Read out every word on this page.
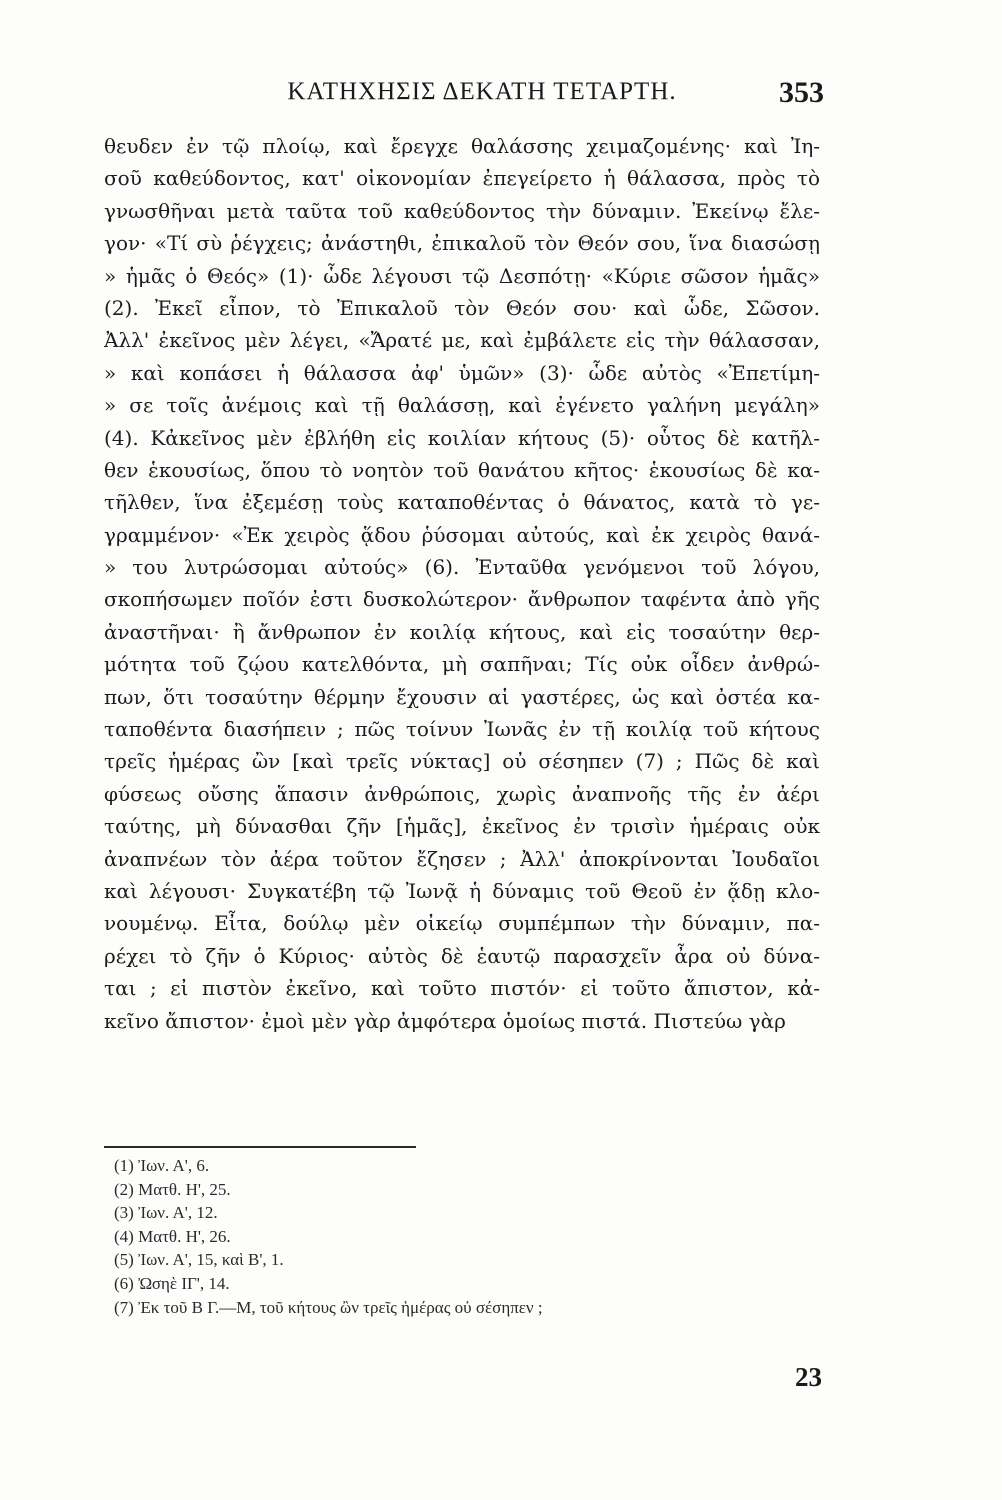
ΚΑΤΗΧΗΣΙΣ ΔΕΚΑΤΗ ΤΕΤΑΡΤΗ.	353
θευδεν ἐν τῷ πλοίῳ, καὶ ἔρεγχε θαλάσσης χειμαζομένης· καὶ Ἰη-
σοῦ καθεύδοντος, κατ' οἰκονομίαν ἐπεγείρετο ἡ θάλασσα, πρὸς τὸ
γνωσθῆναι μετὰ ταῦτα τοῦ καθεύδοντος τὴν δύναμιν. Ἐκείνῳ ἔλε-
γον· «Τί σὺ ῥέγχεις; ἀνάστηθι, ἐπικαλοῦ τὸν Θεόν σου, ἵνα διασώσῃ
» ἡμᾶς ὁ Θεός» (1)· ὧδε λέγουσι τῷ Δεσπότῃ· «Κύριε σῶσον ἡμᾶς»
(2). Ἐκεῖ εἶπον, τὸ Ἐπικαλοῦ τὸν Θεόν σου· καὶ ὧδε, Σῶσον.
Ἀλλ' ἐκεῖνος μὲν λέγει, «Ἄρατέ με, καὶ ἐμβάλετε εἰς τὴν θάλασσαν,
» καὶ κοπάσει ἡ θάλασσα ἀφ' ὑμῶν» (3)· ὧδε αὐτὸς «Ἐπετίμη-
» σε τοῖς ἀνέμοις καὶ τῇ θαλάσσῃ, καὶ ἐγένετο γαλήνη μεγάλη»
(4). Κἀκεῖνος μὲν ἐβλήθη εἰς κοιλίαν κήτους (5)· οὗτος δὲ κατῆλ-
θεν ἑκουσίως, ὅπου τὸ νοητὸν τοῦ θανάτου κῆτος· ἑκουσίως δὲ κα-
τῆλθεν, ἵνα ἐξεμέσῃ τοὺς καταποθέντας ὁ θάνατος, κατὰ τὸ γε-
γραμμένον· «Ἐκ χειρὸς ᾅδου ῥύσομαι αὐτούς, καὶ ἐκ χειρὸς θανά-
» του λυτρώσομαι αὐτούς» (6). Ἐνταῦθα γενόμενοι τοῦ λόγου,
σκοπήσωμεν ποῖόν ἐστι δυσκολώτερον· ἄνθρωπον ταφέντα ἀπὸ γῆς
ἀναστῆναι· ἢ ἄνθρωπον ἐν κοιλίᾳ κήτους, καὶ εἰς τοσαύτην θερ-
μότητα τοῦ ζῴου κατελθόντα, μὴ σαπῆναι; Τίς οὐκ οἶδεν ἀνθρώ-
πων, ὅτι τοσαύτην θέρμην ἔχουσιν αἱ γαστέρες, ὡς καὶ ὀστέα κα-
ταποθέντα διασήπειν ; πῶς τοίνυν Ἰωνᾶς ἐν τῇ κοιλίᾳ τοῦ κήτους
τρεῖς ἡμέρας ὢν [καὶ τρεῖς νύκτας] οὐ σέσηπεν (7) ; Πῶς δὲ καὶ
φύσεως οὔσης ἅπασιν ἀνθρώποις, χωρὶς ἀναπνοῆς τῆς ἐν ἀέρι
ταύτης, μὴ δύνασθαι ζῆν [ἡμᾶς], ἐκεῖνος ἐν τρισὶν ἡμέραις οὐκ
ἀναπνέων τὸν ἀέρα τοῦτον ἔζησεν ; Ἀλλ' ἀποκρίνονται Ἰουδαῖοι
καὶ λέγουσι· Συγκατέβη τῷ Ἰωνᾷ ἡ δύναμις τοῦ Θεοῦ ἐν ᾅδῃ κλο-
νουμένῳ. Εἶτα, δούλῳ μὲν οἰκείῳ συμπέμπων τὴν δύναμιν, πα-
ρέχει τὸ ζῆν ὁ Κύριος· αὐτὸς δὲ ἑαυτῷ παρασχεῖν ἆρα οὐ δύνα-
ται ; εἰ πιστὸν ἐκεῖνο, καὶ τοῦτο πιστόν· εἰ τοῦτο ἄπιστον, κἀ-
κεῖνο ἄπιστον· ἐμοὶ μὲν γὰρ ἀμφότερα ὁμοίως πιστά. Πιστεύω γὰρ
(1) Ἰων. Α', 6.
(2) Ματθ. Η', 25.
(3) Ἰων. Α', 12.
(4) Ματθ. Η', 26.
(5) Ἰων. Α', 15, καὶ Β', 1.
(6) Ὠσηὲ ΙΓ', 14.
(7) Ἐκ τοῦ Β Γ.—Μ, τοῦ κήτους ὢν τρεῖς ἡμέρας οὐ σέσηπεν ;
23
